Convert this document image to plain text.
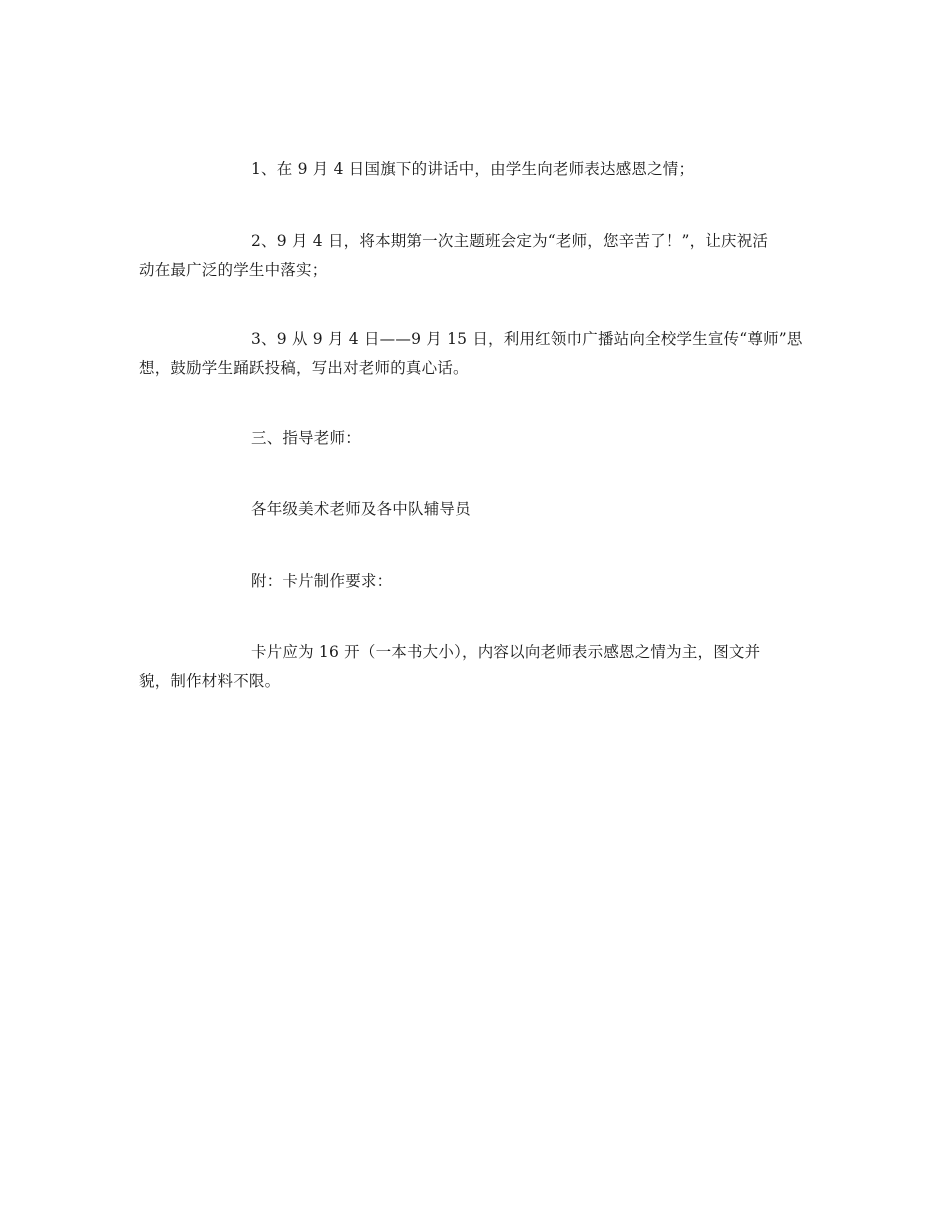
1、在 9 月 4 日国旗下的讲话中，由学生向老师表达感恩之情；

2、9 月 4 日，将本期第一次主题班会定为“老师，您辛苦了！”，让庆祝活
动在最广泛的学生中落实；

3、9 从 9 月 4 日——9 月 15 日，利用红领巾广播站向全校学生宣传“尊师”思
想，鼓励学生踊跃投稿，写出对老师的真心话。

三、指导老师：

各年级美术老师及各中队辅导员

附：卡片制作要求：

卡片应为 16 开（一本书大小），内容以向老师表示感恩之情为主，图文并
貌，制作材料不限。
